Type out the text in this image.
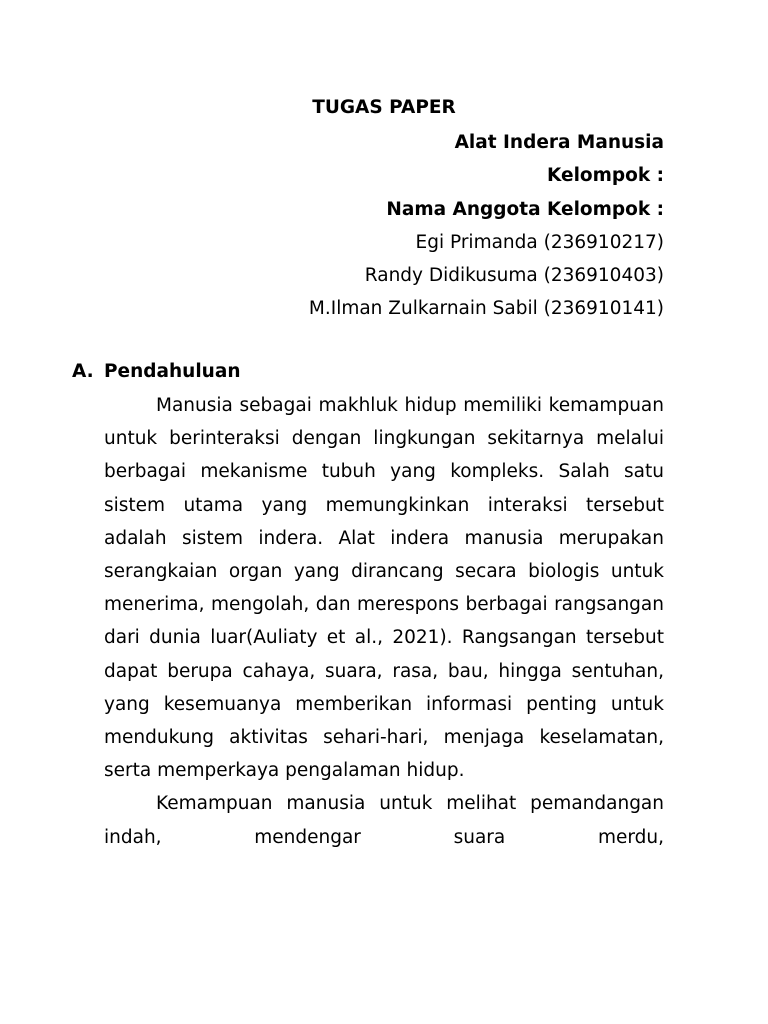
TUGAS PAPER
Alat Indera Manusia
Kelompok :
Nama Anggota Kelompok :
Egi Primanda (236910217)
Randy Didikusuma (236910403)
M.Ilman Zulkarnain Sabil (236910141)
A. Pendahuluan

Manusia sebagai makhluk hidup memiliki kemampuan untuk berinteraksi dengan lingkungan sekitarnya melalui berbagai mekanisme tubuh yang kompleks. Salah satu sistem utama yang memungkinkan interaksi tersebut adalah sistem indera. Alat indera manusia merupakan serangkaian organ yang dirancang secara biologis untuk menerima, mengolah, dan merespons berbagai rangsangan dari dunia luar(Auliaty et al., 2021). Rangsangan tersebut dapat berupa cahaya, suara, rasa, bau, hingga sentuhan, yang kesemuanya memberikan informasi penting untuk mendukung aktivitas sehari-hari, menjaga keselamatan, serta memperkaya pengalaman hidup.

Kemampuan manusia untuk melihat pemandangan indah, mendengar suara merdu,
